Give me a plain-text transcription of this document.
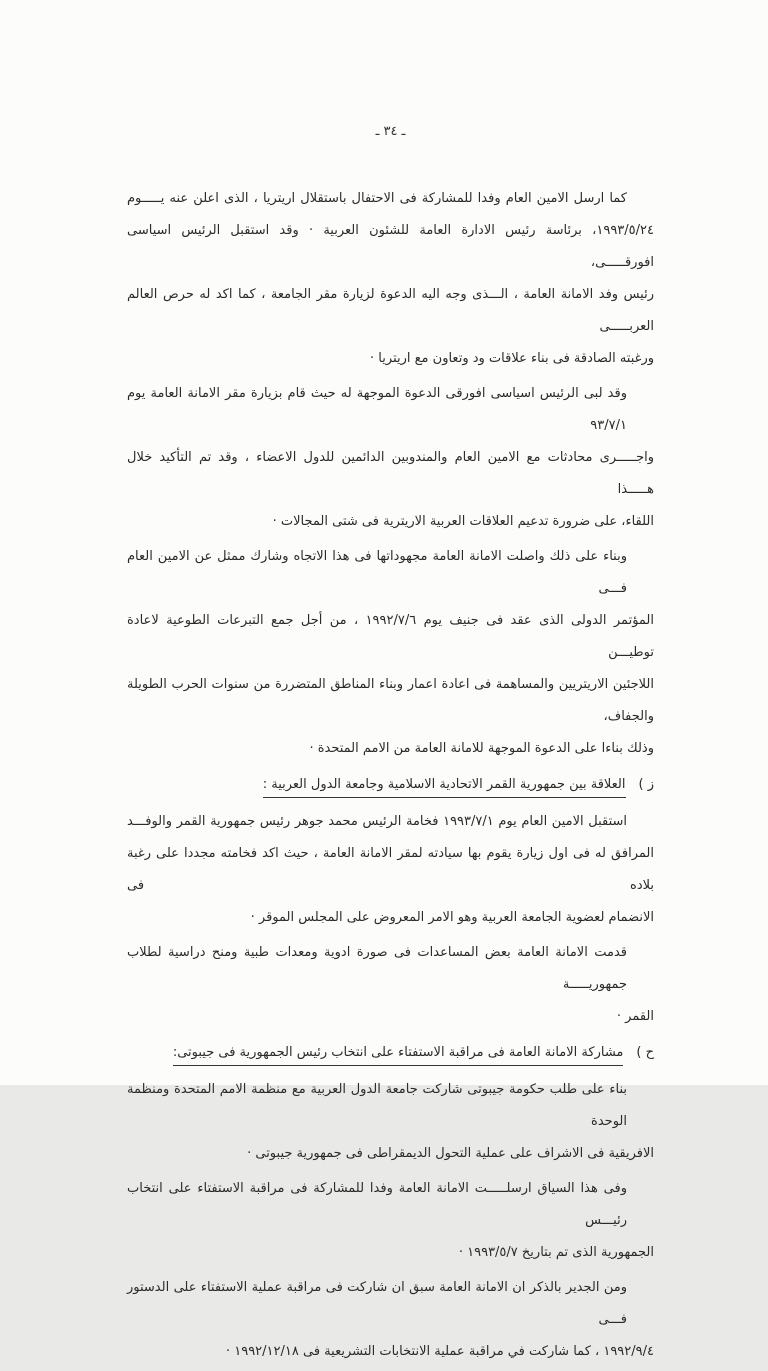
ـ ٣٤ ـ
كما ارسل الامين العام وفدا للمشاركة فى الاحتفال باستقلال اريتريا ، الذى اعلن عنه يـــــوم
١٩٩٣/٥/٢٤، برئاسة رئيس الادارة العامة للشئون العربية · وقد استقبل الرئيس اسياسى افورقـــــى،
رئيس وفد الامانة العامة ، الـــذى وجه اليه الدعوة لزيارة مقر الجامعة ، كما اكد له حرص العالم العربـــــى
ورغبته الصادقة فى بناء علاقات ود وتعاون مع اريتريا ·
وقد لبى الرئيس اسياسى افورقى الدعوة الموجهة له حيث قام بزيارة مقر الامانة العامة يوم ٩٣/٧/١
واجـــــرى محادثات مع الامين العام والمندوبين الدائمين للدول الاعضاء ، وقد تم التأكيد خلال هـــــذا
اللقاء، على ضرورة تدعيم العلاقات العربية الاريترية فى شتى المجالات ·
وبناء على ذلك واصلت الامانة العامة مجهوداتها فى هذا الاتجاه وشارك ممثل عن الامين العام فـــى
المؤتمر الدولى الذى عقد فى جنيف يوم ١٩٩٢/٧/٦ ، من أجل جمع التبرعات الطوعية لاعادة توطيـــن
اللاجئين الاريتريين والمساهمة فى اعادة اعمار وبناء المناطق المتضررة من سنوات الحرب الطويلة والجفاف،
وذلك بناءا على الدعوة الموجهة للامانة العامة من الامم المتحدة ·
ز )العلاقة بين جمهورية القمر الاتحادية الاسلامية وجامعة الدول العربية :
استقبل الامين العام يوم ١٩٩٣/٧/١ فخامة الرئيس محمد جوهر رئيس جمهورية القمر والوفـــد
المرافق له فى اول زيارة يقوم بها سيادته لمقر الامانة العامة ، حيث اكد فخامته مجددا على رغبة بلاده فى
الانضمام لعضوية الجامعة العربية وهو الامر المعروض على المجلس الموقر ·
قدمت الامانة العامة بعض المساعدات فى صورة ادوية ومعدات طبية ومنح دراسية لطلاب جمهوريـــــة
القمر ·
ح )مشاركة الامانة العامة فى مراقبة الاستفتاء على انتخاب رئيس الجمهورية فى جيبوتى:
بناء على طلب حكومة جيبوتى شاركت جامعة الدول العربية مع منظمة الامم المتحدة ومنظمة الوحدة
الافريقية فى الاشراف على عملية التحول الديمقراطى فى جمهورية جيبوتى ·
وفى هذا السياق ارسلـــــت الامانة العامة وفدا للمشاركة فى مراقبة الاستفتاء على انتخاب رئيـــس
الجمهورية الذى تم بتاريخ ١٩٩٣/٥/٧ ·
ومن الجدير بالذكر ان الامانة العامة سبق ان شاركت فى مراقبة عملية الاستفتاء على الدستور فـــى
١٩٩٢/٩/٤ ، كما شاركت في مراقبة عملية الانتخابات التشريعية فى ١٩٩٢/١٢/١٨ ·
